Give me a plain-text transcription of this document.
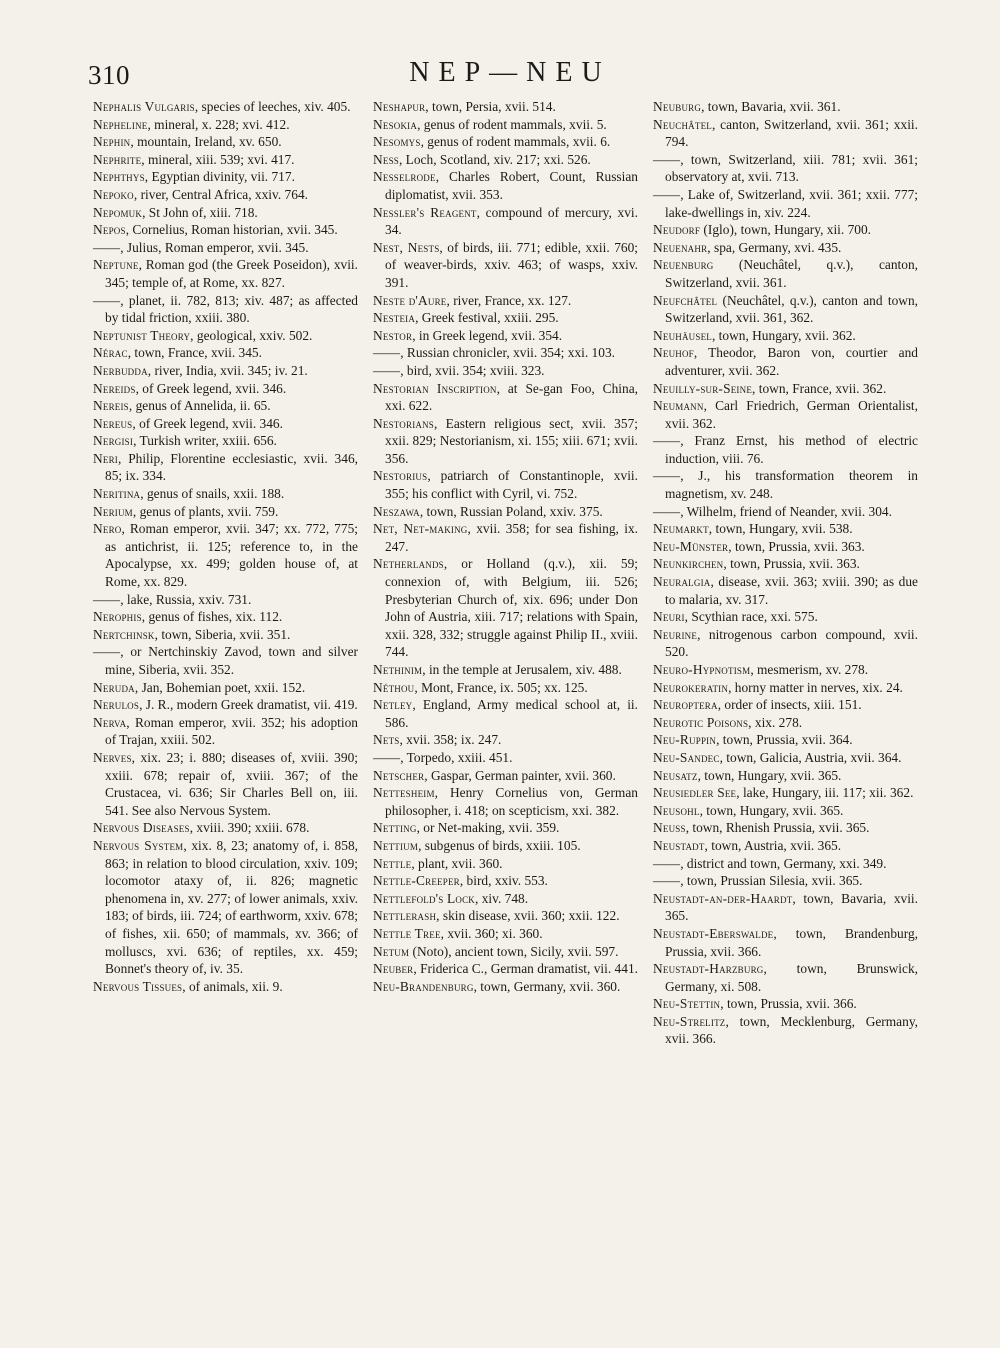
310	NEP—NEU

Nephalis Vulgaris, species of leeches, xiv. 405.

Nepheline, mineral, x. 228; xvi. 412.

Nephin, mountain, Ireland, xv. 650.

Nephrite, mineral, xiii. 539; xvi. 417.

Nephthys, Egyptian divinity, vii. 717.

Nepoko, river, Central Africa, xxiv. 764.

Nepomuk, St John of, xiii. 718.

Nepos, Cornelius, Roman historian, xvii. 345.

——, Julius, Roman emperor, xvii. 345.

Neptune, Roman god (the Greek Poseidon), xvii. 345; temple of, at Rome, xx. 827.

——, planet, ii. 782, 813; xiv. 487; as affected by tidal friction, xxiii. 380.

Neptunist Theory, geological, xxiv. 502.

Nérac, town, France, xvii. 345.

Nerbudda, river, India, xvii. 345; iv. 21.

Nereids, of Greek legend, xvii. 346.

Nereis, genus of Annelida, ii. 65.

Nereus, of Greek legend, xvii. 346.

Nergisi, Turkish writer, xxiii. 656.

Neri, Philip, Florentine ecclesiastic, xvii. 346, 85; ix. 334.

Neritina, genus of snails, xxii. 188.

Nerium, genus of plants, xvii. 759.

Nero, Roman emperor, xvii. 347; xx. 772, 775; as antichrist, ii. 125; reference to, in the Apocalypse, xx. 499; golden house of, at Rome, xx. 829.

——, lake, Russia, xxiv. 731.

Nerophis, genus of fishes, xix. 112.

Nertchinsk, town, Siberia, xvii. 351.

——, or Nertchinskiy Zavod, town and silver mine, Siberia, xvii. 352.

Neruda, Jan, Bohemian poet, xxii. 152.

Nerulos, J. R., modern Greek dramatist, vii. 419.

Nerva, Roman emperor, xvii. 352; his adoption of Trajan, xxiii. 502.

Nerves, xix. 23; i. 880; diseases of, xviii. 390; xxiii. 678; repair of, xviii. 367; of the Crustacea, vi. 636; Sir Charles Bell on, iii. 541. See also Nervous System.

Nervous Diseases, xviii. 390; xxiii. 678.

Nervous System, xix. 8, 23; anatomy of, i. 858, 863; in relation to blood circulation, xxiv. 109; locomotor ataxy of, ii. 826; magnetic phenomena in, xv. 277; of lower animals, xxiv. 183; of birds, iii. 724; of earthworm, xxiv. 678; of fishes, xii. 650; of mammals, xv. 366; of molluscs, xvi. 636; of reptiles, xx. 459; Bonnet's theory of, iv. 35.

Nervous Tissues, of animals, xii. 9.

Neshapur, town, Persia, xvii. 514.

Nesokia, genus of rodent mammals, xvii. 5.

Nesomys, genus of rodent mammals, xvii. 6.

Ness, Loch, Scotland, xiv. 217; xxi. 526.

Nesselrode, Charles Robert, Count, Russian diplomatist, xvii. 353.

Nessler's Reagent, compound of mercury, xvi. 34.

Nest, Nests, of birds, iii. 771; edible, xxii. 760; of weaver-birds, xxiv. 463; of wasps, xxiv. 391.

Neste d'Aure, river, France, xx. 127.

Nesteia, Greek festival, xxiii. 295.

Nestor, in Greek legend, xvii. 354.

——, Russian chronicler, xvii. 354; xxi. 103.

——, bird, xvii. 354; xviii. 323.

Nestorian Inscription, at Se-gan Foo, China, xxi. 622.

Nestorians, Eastern religious sect, xvii. 357; xxii. 829; Nestorianism, xi. 155; xiii. 671; xvii. 356.

Nestorius, patriarch of Constantinople, xvii. 355; his conflict with Cyril, vi. 752.

Neszawa, town, Russian Poland, xxiv. 375.

Net, Net-making, xvii. 358; for sea fishing, ix. 247.

Netherlands, or Holland (q.v.), xii. 59; connexion of, with Belgium, iii. 526; Presbyterian Church of, xix. 696; under Don John of Austria, xiii. 717; relations with Spain, xxii. 328, 332; struggle against Philip II., xviii. 744.

Nethinim, in the temple at Jerusalem, xiv. 488.

Néthou, Mont, France, ix. 505; xx. 125.

Netley, England, Army medical school at, ii. 586.

Nets, xvii. 358; ix. 247.

——, Torpedo, xxiii. 451.

Netscher, Gaspar, German painter, xvii. 360.

Nettesheim, Henry Cornelius von, German philosopher, i. 418; on scepticism, xxi. 382.

Netting, or Net-making, xvii. 359.

Nettium, subgenus of birds, xxiii. 105.

Nettle, plant, xvii. 360.

Nettle-Creeper, bird, xxiv. 553.

Nettlefold's Lock, xiv. 748.

Nettlerash, skin disease, xvii. 360; xxii. 122.

Nettle Tree, xvii. 360; xi. 360.

Netum (Noto), ancient town, Sicily, xvii. 597.

Neuber, Friderica C., German dramatist, vii. 441.

Neu-Brandenburg, town, Germany, xvii. 360.

Neuburg, town, Bavaria, xvii. 361.

Neuchâtel, canton, Switzerland, xvii. 361; xxii. 794.

——, town, Switzerland, xiii. 781; xvii. 361; observatory at, xvii. 713.

——, Lake of, Switzerland, xvii. 361; xxii. 777; lake-dwellings in, xiv. 224.

Neudorf (Iglo), town, Hungary, xii. 700.

Neuenahr, spa, Germany, xvi. 435.

Neuenburg (Neuchâtel, q.v.), canton, Switzerland, xvii. 361.

Neufchâtel (Neuchâtel, q.v.), canton and town, Switzerland, xvii. 361, 362.

Neuhäusel, town, Hungary, xvii. 362.

Neuhof, Theodor, Baron von, courtier and adventurer, xvii. 362.

Neuilly-sur-Seine, town, France, xvii. 362.

Neumann, Carl Friedrich, German Orientalist, xvii. 362.

——, Franz Ernst, his method of electric induction, viii. 76.

——, J., his transformation theorem in magnetism, xv. 248.

——, Wilhelm, friend of Neander, xvii. 304.

Neumarkt, town, Hungary, xvii. 538.

Neu-Münster, town, Prussia, xvii. 363.

Neunkirchen, town, Prussia, xvii. 363.

Neuralgia, disease, xvii. 363; xviii. 390; as due to malaria, xv. 317.

Neuri, Scythian race, xxi. 575.

Neurine, nitrogenous carbon compound, xvii. 520.

Neuro-Hypnotism, mesmerism, xv. 278.

Neurokeratin, horny matter in nerves, xix. 24.

Neuroptera, order of insects, xiii. 151.

Neurotic Poisons, xix. 278.

Neu-Ruppin, town, Prussia, xvii. 364.

Neu-Sandec, town, Galicia, Austria, xvii. 364.

Neusatz, town, Hungary, xvii. 365.

Neusiedler See, lake, Hungary, iii. 117; xii. 362.

Neusohl, town, Hungary, xvii. 365.

Neuss, town, Rhenish Prussia, xvii. 365.

Neustadt, town, Austria, xvii. 365.

——, district and town, Germany, xxi. 349.

——, town, Prussian Silesia, xvii. 365.

Neustadt-an-der-Haardt, town, Bavaria, xvii. 365.

Neustadt-Eberswalde, town, Brandenburg, Prussia, xvii. 366.

Neustadt-Harzburg, town, Brunswick, Germany, xi. 508.

Neu-Stettin, town, Prussia, xvii. 366.

Neu-Strelitz, town, Mecklenburg, Germany, xvii. 366.
